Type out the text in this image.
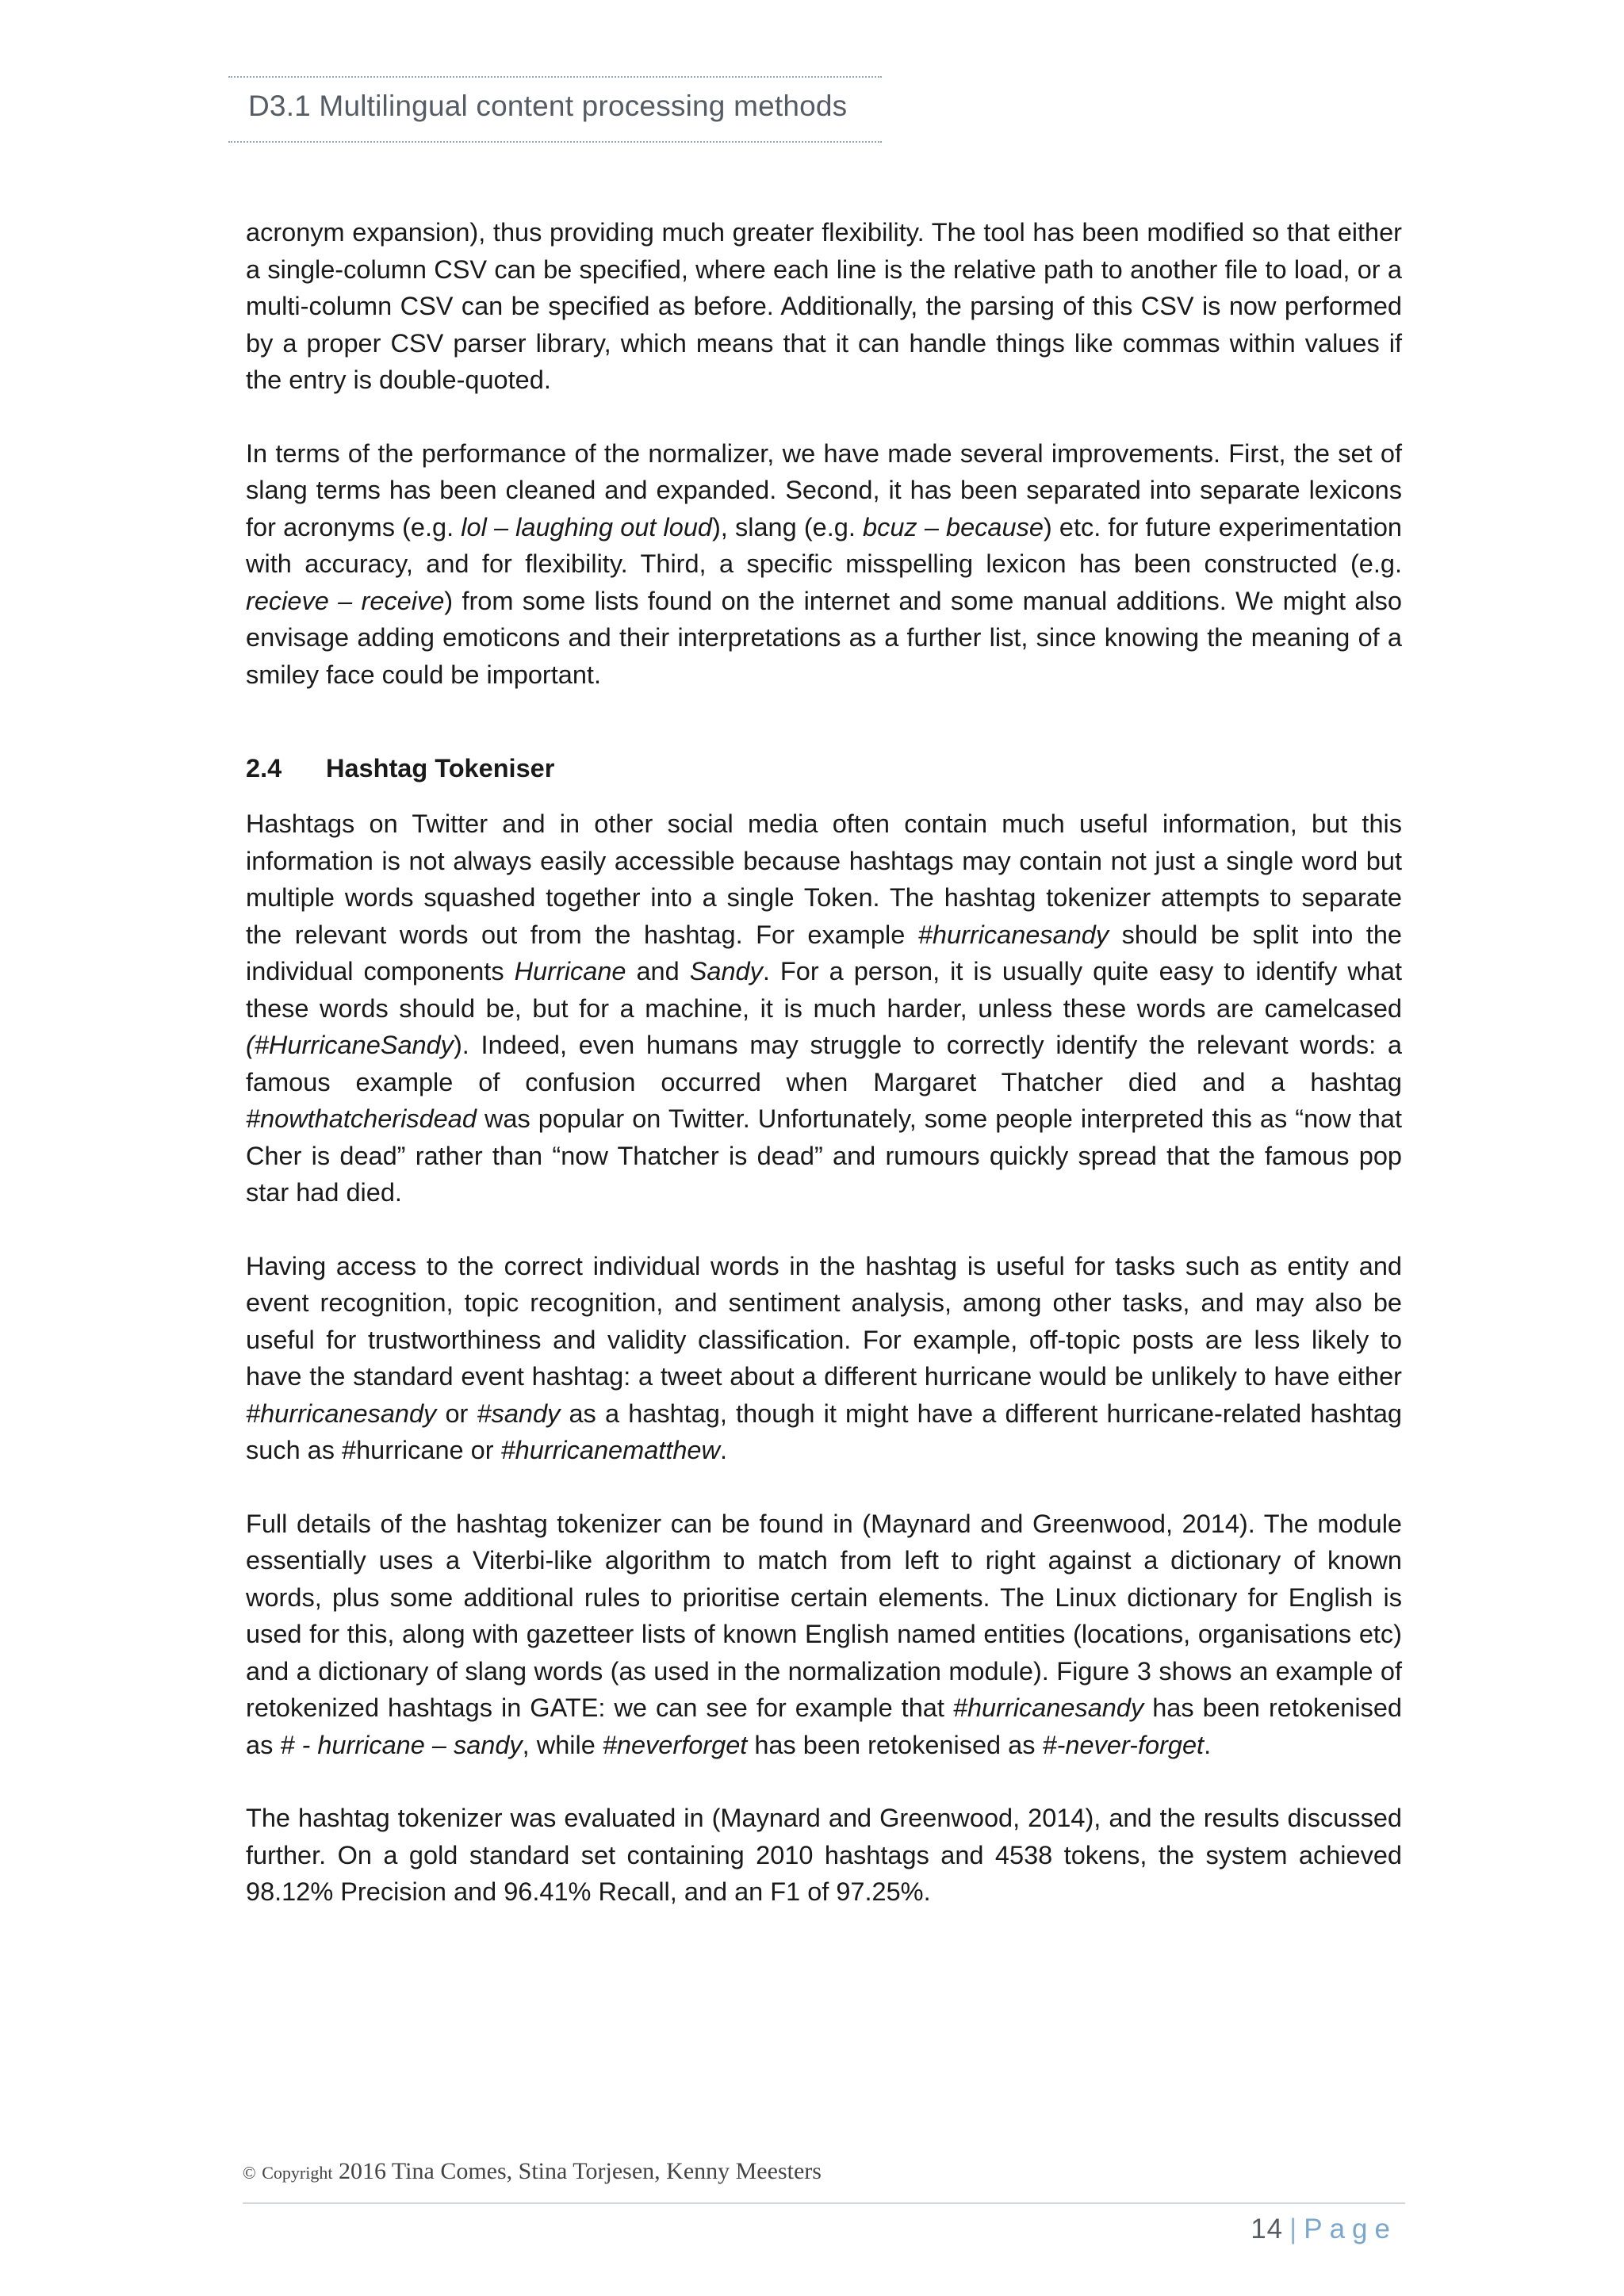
D3.1 Multilingual content processing methods

acronym expansion), thus providing much greater flexibility. The tool has been modified so that either a single-column CSV can be specified, where each line is the relative path to another file to load, or a multi-column CSV can be specified as before. Additionally, the parsing of this CSV is now performed by a proper CSV parser library, which means that it can handle things like commas within values if the entry is double-quoted.

In terms of the performance of the normalizer, we have made several improvements. First, the set of slang terms has been cleaned and expanded. Second, it has been separated into separate lexicons for acronyms (e.g. lol – laughing out loud), slang (e.g. bcuz – because) etc. for future experimentation with accuracy, and for flexibility. Third, a specific misspelling lexicon has been constructed (e.g. recieve – receive) from some lists found on the internet and some manual additions. We might also envisage adding emoticons and their interpretations as a further list, since knowing the meaning of a smiley face could be important.

2.4 Hashtag Tokeniser

Hashtags on Twitter and in other social media often contain much useful information, but this information is not always easily accessible because hashtags may contain not just a single word but multiple words squashed together into a single Token. The hashtag tokenizer attempts to separate the relevant words out from the hashtag. For example #hurricanesandy should be split into the individual components Hurricane and Sandy. For a person, it is usually quite easy to identify what these words should be, but for a machine, it is much harder, unless these words are camelcased (#HurricaneSandy). Indeed, even humans may struggle to correctly identify the relevant words: a famous example of confusion occurred when Margaret Thatcher died and a hashtag #nowthatcherisdead was popular on Twitter. Unfortunately, some people interpreted this as “now that Cher is dead” rather than “now Thatcher is dead” and rumours quickly spread that the famous pop star had died.

Having access to the correct individual words in the hashtag is useful for tasks such as entity and event recognition, topic recognition, and sentiment analysis, among other tasks, and may also be useful for trustworthiness and validity classification. For example, off-topic posts are less likely to have the standard event hashtag: a tweet about a different hurricane would be unlikely to have either #hurricanesandy or #sandy as a hashtag, though it might have a different hurricane-related hashtag such as #hurricane or #hurricanematthew.

Full details of the hashtag tokenizer can be found in (Maynard and Greenwood, 2014). The module essentially uses a Viterbi-like algorithm to match from left to right against a dictionary of known words, plus some additional rules to prioritise certain elements. The Linux dictionary for English is used for this, along with gazetteer lists of known English named entities (locations, organisations etc) and a dictionary of slang words (as used in the normalization module). Figure 3 shows an example of retokenized hashtags in GATE: we can see for example that #hurricanesandy has been retokenised as # - hurricane – sandy, while #neverforget has been retokenised as #-never-forget.

The hashtag tokenizer was evaluated in (Maynard and Greenwood, 2014), and the results discussed further. On a gold standard set containing 2010 hashtags and 4538 tokens, the system achieved 98.12% Precision and 96.41% Recall, and an F1 of 97.25%.

© Copyright 2016 Tina Comes, Stina Torjesen, Kenny Meesters
14 | Page
